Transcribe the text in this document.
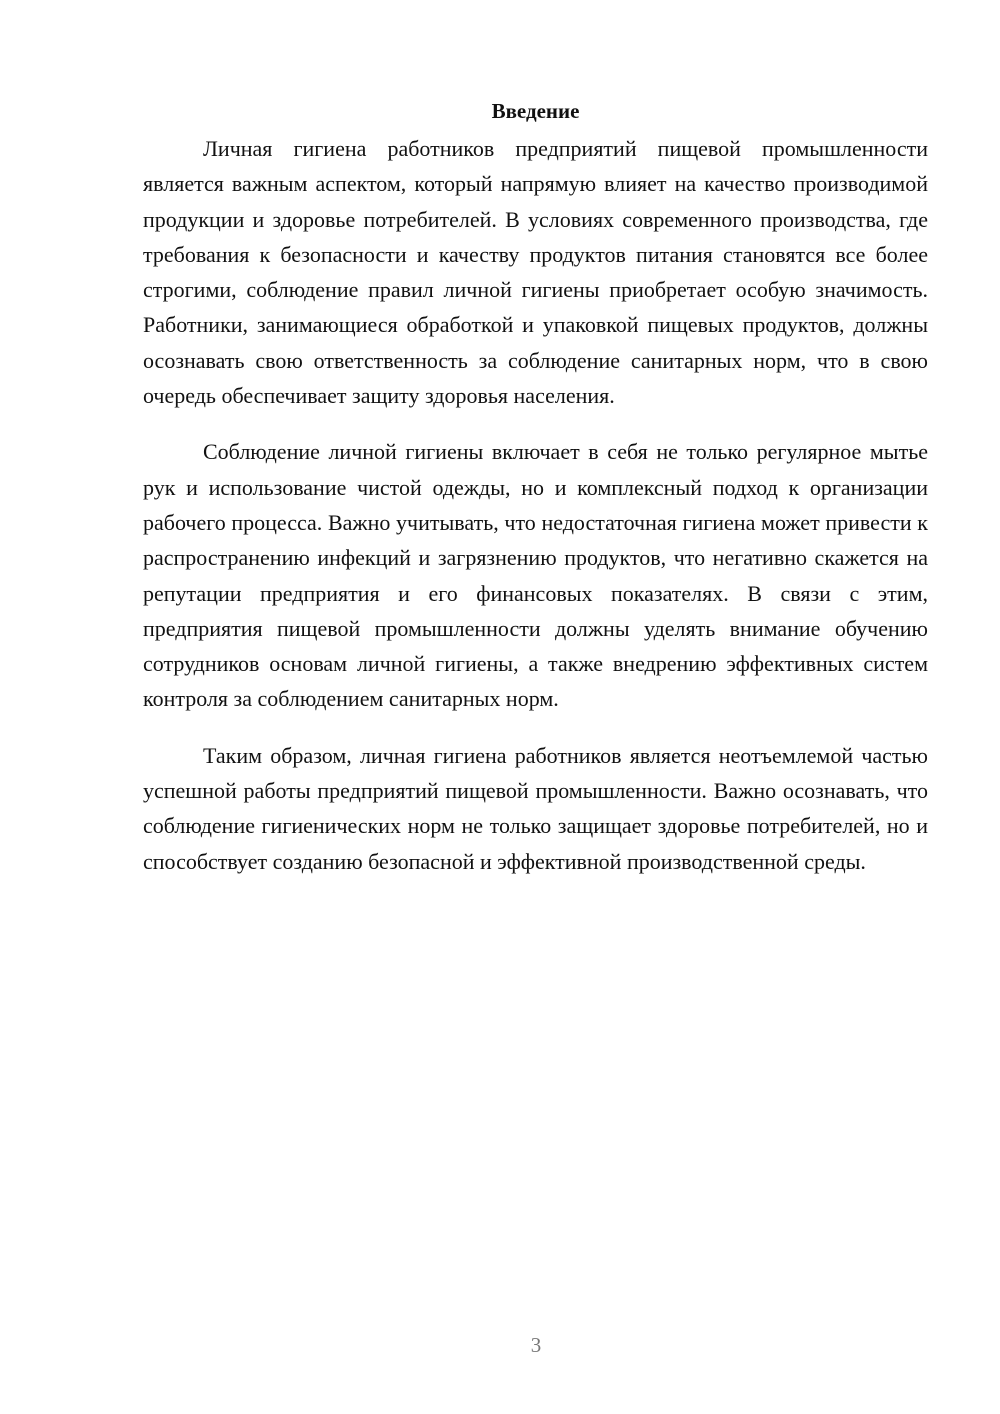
Введение

Личная гигиена работников предприятий пищевой промышленности является важным аспектом, который напрямую влияет на качество производимой продукции и здоровье потребителей. В условиях современного производства, где требования к безопасности и качеству продуктов питания становятся все более строгими, соблюдение правил личной гигиены приобретает особую значимость. Работники, занимающиеся обработкой и упаковкой пищевых продуктов, должны осознавать свою ответственность за соблюдение санитарных норм, что в свою очередь обеспечивает защиту здоровья населения.

Соблюдение личной гигиены включает в себя не только регулярное мытье рук и использование чистой одежды, но и комплексный подход к организации рабочего процесса. Важно учитывать, что недостаточная гигиена может привести к распространению инфекций и загрязнению продуктов, что негативно скажется на репутации предприятия и его финансовых показателях. В связи с этим, предприятия пищевой промышленности должны уделять внимание обучению сотрудников основам личной гигиены, а также внедрению эффективных систем контроля за соблюдением санитарных норм.

Таким образом, личная гигиена работников является неотъемлемой частью успешной работы предприятий пищевой промышленности. Важно осознавать, что соблюдение гигиенических норм не только защищает здоровье потребителей, но и способствует созданию безопасной и эффективной производственной среды.

3
